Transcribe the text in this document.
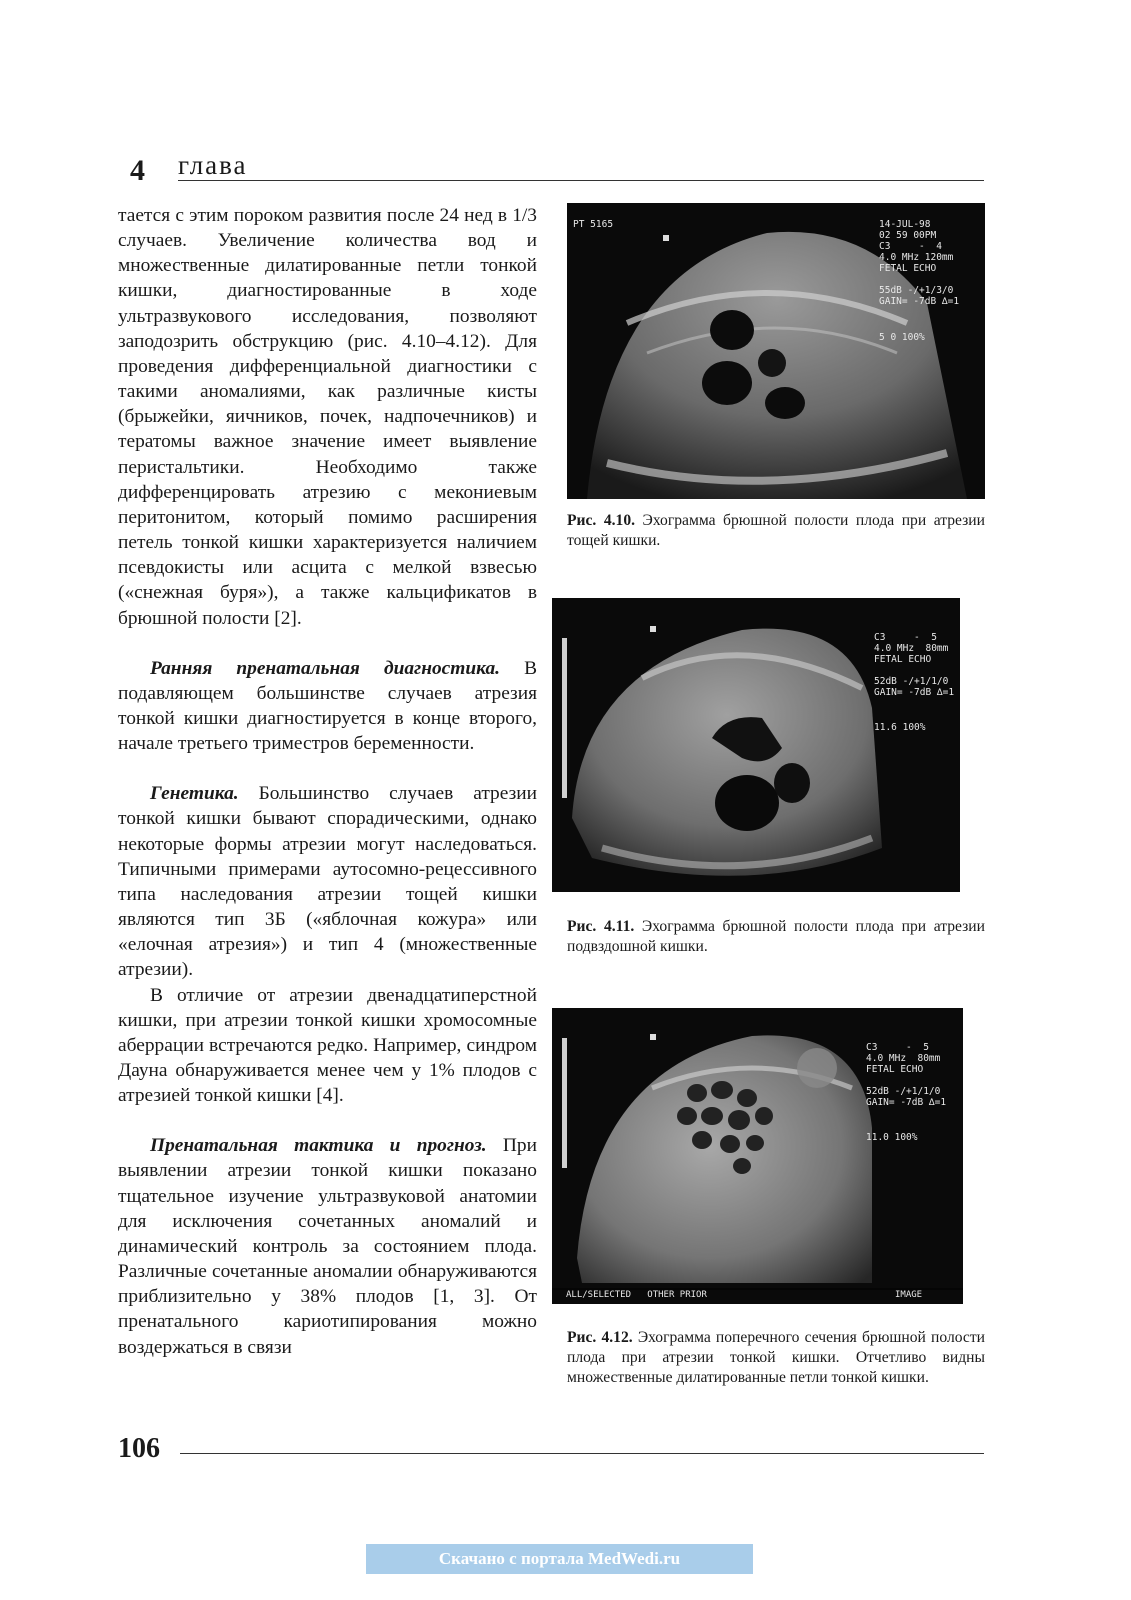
4 глава

тается с этим пороком развития после 24 нед в 1/3 случаев. Увеличение количества вод и множественные дилатированные петли тонкой кишки, диагностированные в ходе ультразвукового исследования, позволяют заподозрить обструкцию (рис. 4.10–4.12). Для проведения дифференциальной диагностики с такими аномалиями, как различные кисты (брыжейки, яичников, почек, надпочечников) и тератомы важное значение имеет выявление перистальтики. Необходимо также дифференцировать атрезию с мекониевым перитонитом, который помимо расширения петель тонкой кишки характеризуется наличием псевдокисты или асцита с мелкой взвесью («снежная буря»), а также кальцификатов в брюшной полости [2].

Ранняя пренатальная диагностика. В подавляющем большинстве случаев атрезия тонкой кишки диагностируется в конце второго, начале третьего триместров беременности.

Генетика. Большинство случаев атрезии тонкой кишки бывают спорадическими, однако некоторые формы атрезии могут наследоваться. Типичными примерами аутосомно-рецессивного типа наследования атрезии тощей кишки являются тип 3Б («яблочная кожура» или «елочная атрезия») и тип 4 (множественные атрезии).

В отличие от атрезии двенадцатиперстной кишки, при атрезии тонкой кишки хромосомные аберрации встречаются редко. Например, синдром Дауна обнаруживается менее чем у 1% плодов с атрезией тонкой кишки [4].

Пренатальная тактика и прогноз. При выявлении атрезии тонкой кишки показано тщательное изучение ультразвуковой анатомии для исключения сочетанных аномалий и динамический контроль за состоянием плода. Различные сочетанные аномалии обнаруживаются приблизительно у 38% плодов [1, 3]. От пренатального кариотипирования можно воздержаться в связи

PT 5165	14-JUL-98
02 59 00PM
C3     -  4
4.0 MHz 120mm
FETAL ECHO

55dB -/+1/3/0
GAIN= -7dB ∆=1
5 0 100%
Рис. 4.10. Эхограмма брюшной полости плода при атрезии тощей кишки.
C3     -  5
4.0 MHz  80mm
FETAL ECHO

52dB -/+1/1/0
GAIN= -7dB ∆=1
11.6 100%
Рис. 4.11. Эхограмма брюшной полости плода при атрезии подвздошной кишки.
C3     -  5
4.0 MHz  80mm
FETAL ECHO

52dB -/+1/1/0
GAIN= -7dB ∆=1
11.0 100%
ALL/SELECTED   OTHER PRIOR	IMAGE
Рис. 4.12. Эхограмма поперечного сечения брюшной полости плода при атрезии тонкой кишки. Отчетливо видны множественные дилатированные петли тонкой кишки.
106
Скачано с портала MedWedi.ru
